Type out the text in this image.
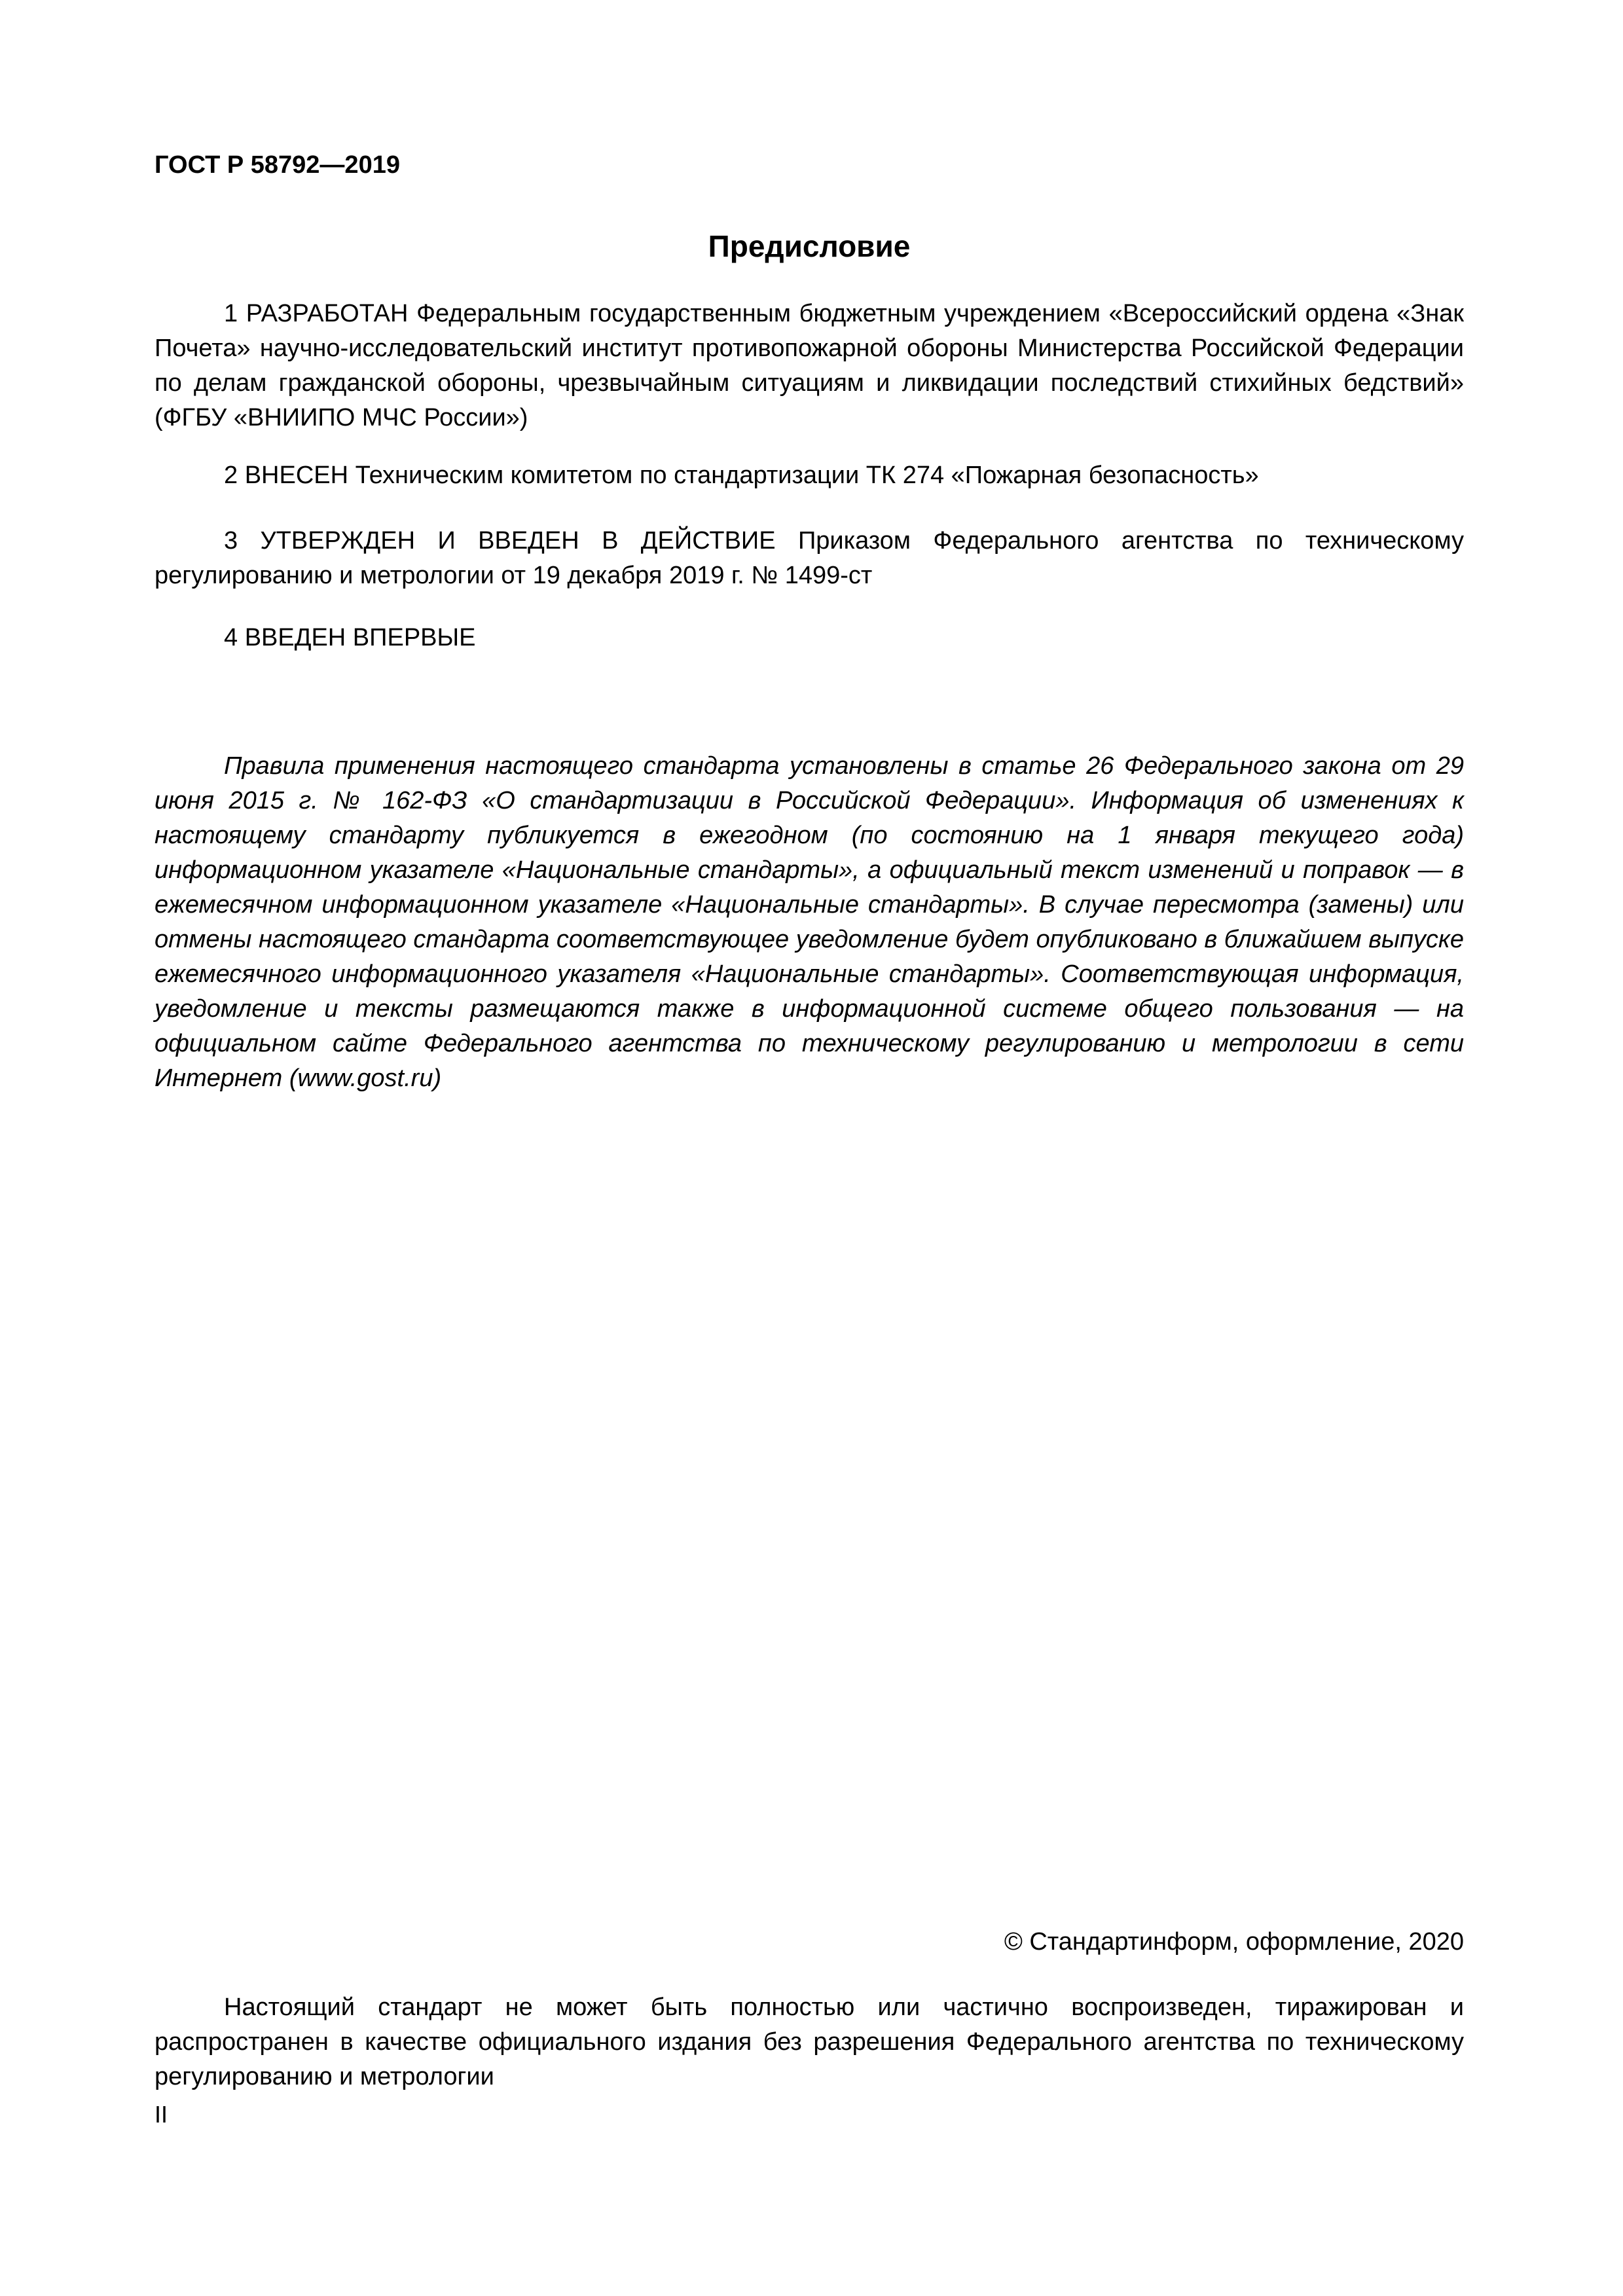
ГОСТ Р 58792—2019
Предисловие

1 РАЗРАБОТАН Федеральным государственным бюджетным учреждением «Всероссийский ордена «Знак Почета» научно-исследовательский институт противопожарной обороны Министерства Российской Федерации по делам гражданской обороны, чрезвычайным ситуациям и ликвидации последствий стихийных бедствий» (ФГБУ «ВНИИПО МЧС России»)

2 ВНЕСЕН Техническим комитетом по стандартизации ТК 274 «Пожарная безопасность»

3 УТВЕРЖДЕН И ВВЕДЕН В ДЕЙСТВИЕ Приказом Федерального агентства по техническому регулированию и метрологии от 19 декабря 2019 г. № 1499-ст

4 ВВЕДЕН ВПЕРВЫЕ

Правила применения настоящего стандарта установлены в статье 26 Федерального закона от 29 июня 2015 г. № 162-ФЗ «О стандартизации в Российской Федерации». Информация об изменениях к настоящему стандарту публикуется в ежегодном (по состоянию на 1 января текущего года) информационном указателе «Национальные стандарты», а официальный текст изменений и поправок — в ежемесячном информационном указателе «Национальные стандарты». В случае пересмотра (замены) или отмены настоящего стандарта соответствующее уведомление будет опубликовано в ближайшем выпуске ежемесячного информационного указателя «Национальные стандарты». Соответствующая информация, уведомление и тексты размещаются также в информационной системе общего пользования — на официальном сайте Федерального агентства по техническому регулированию и метрологии в сети Интернет (www.gost.ru)

© Стандартинформ, оформление, 2020

Настоящий стандарт не может быть полностью или частично воспроизведен, тиражирован и распространен в качестве официального издания без разрешения Федерального агентства по техническому регулированию и метрологии

II
